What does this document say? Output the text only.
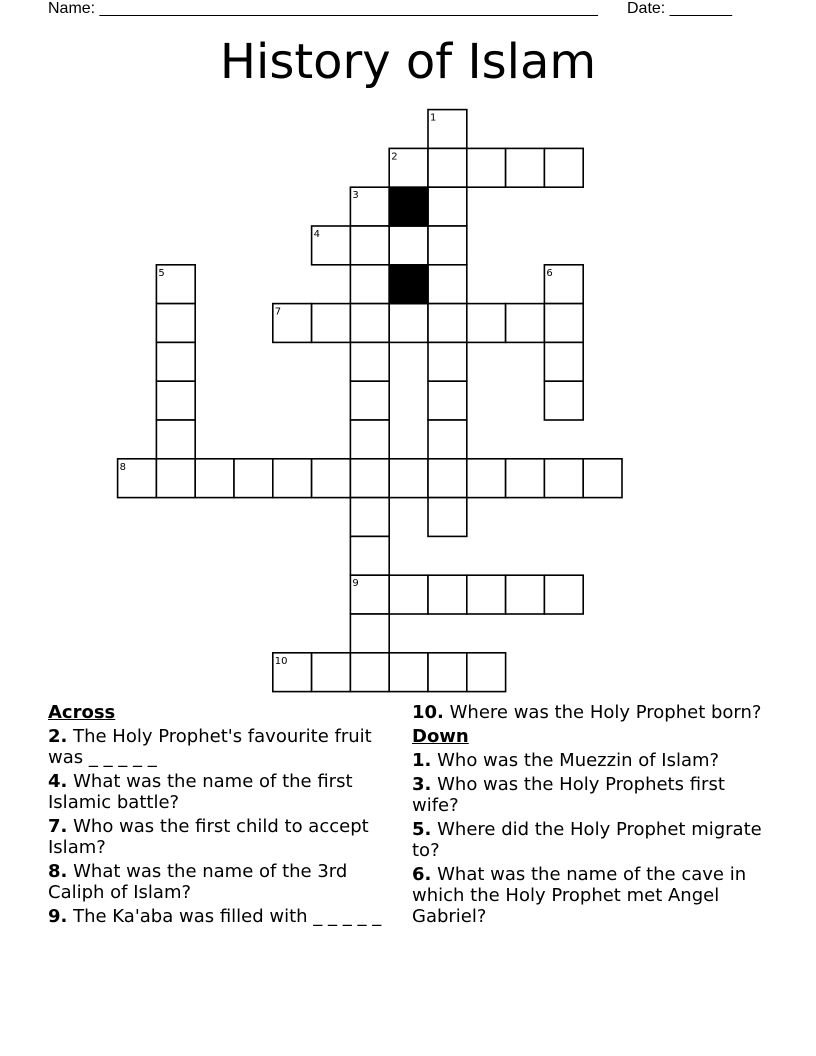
Name: ________________________________________________________ Date: _______
History of Islam
1
2
3
4
5	6
7
8
9
10
Across
2. The Holy Prophet's favourite fruit was _ _ _ _ _
4. What was the name of the first Islamic battle?
7. Who was the first child to accept Islam?
8. What was the name of the 3rd Caliph of Islam?
9. The Ka'aba was filled with _ _ _ _ _
10. Where was the Holy Prophet born?
Down
1. Who was the Muezzin of Islam?
3. Who was the Holy Prophets first wife?
5. Where did the Holy Prophet migrate to?
6. What was the name of the cave in which the Holy Prophet met Angel Gabriel?
